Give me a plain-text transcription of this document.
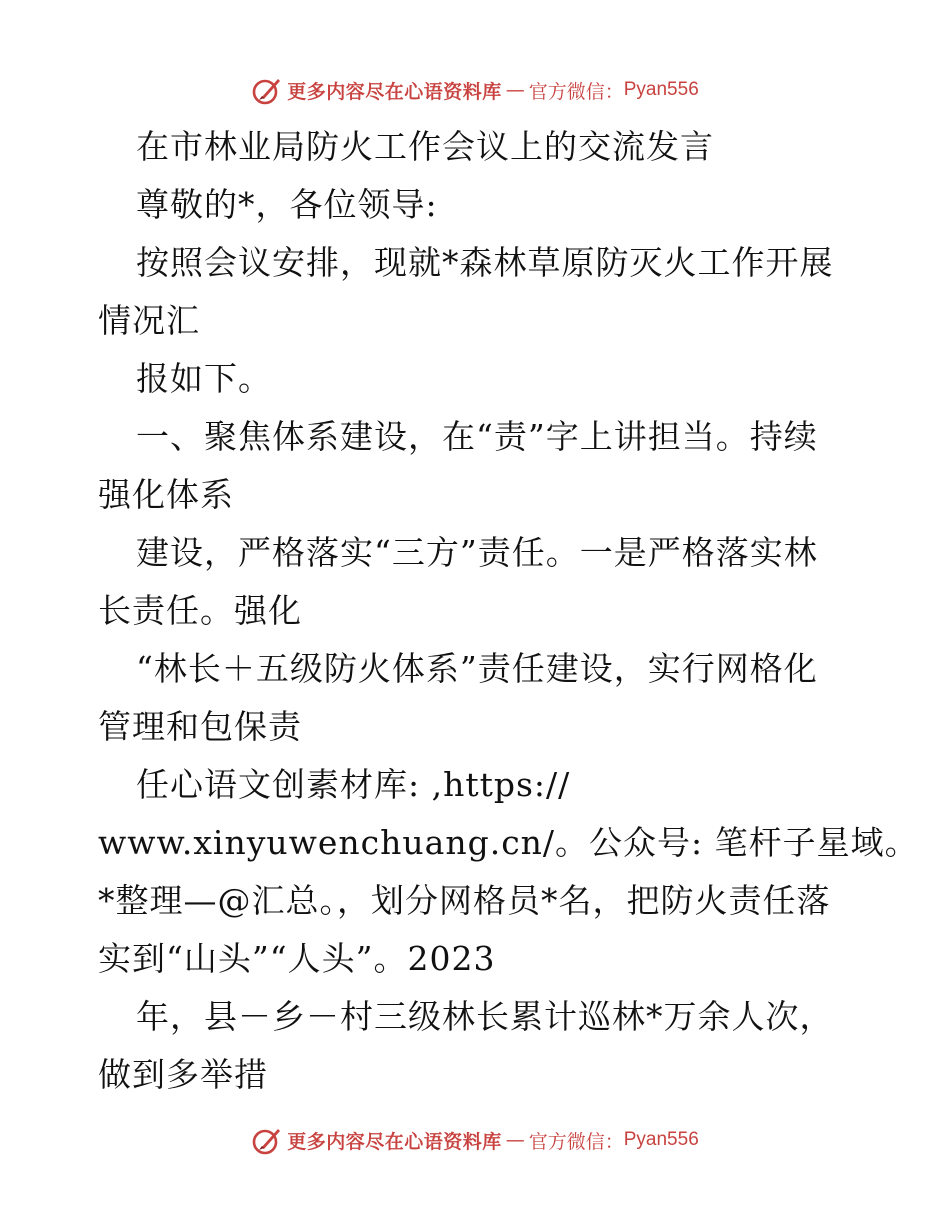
更多内容尽在心语资料库 — 官方微信： Pyan556
在市林业局防火工作会议上的交流发言
尊敬的*，各位领导:
按照会议安排，现就*森林草原防灭火工作开展
情况汇
报如下。
一、聚焦体系建设，在“责”字上讲担当。持续
强化体系
建设，严格落实“三方”责任。一是严格落实林
长责任。强化
“林长＋五级防火体系”责任建设，实行网格化
管理和包保责
任心语文创素材库: ,https://
www.xinyuwenchuang.cn/。公众号: 笔杆子星域。
*整理—@汇总。，划分网格员*名，把防火责任落
实到“山头”“人头”。2023
年，县－乡－村三级林长累计巡林*万余人次，
做到多举措
更多内容尽在心语资料库 — 官方微信： Pyan556
